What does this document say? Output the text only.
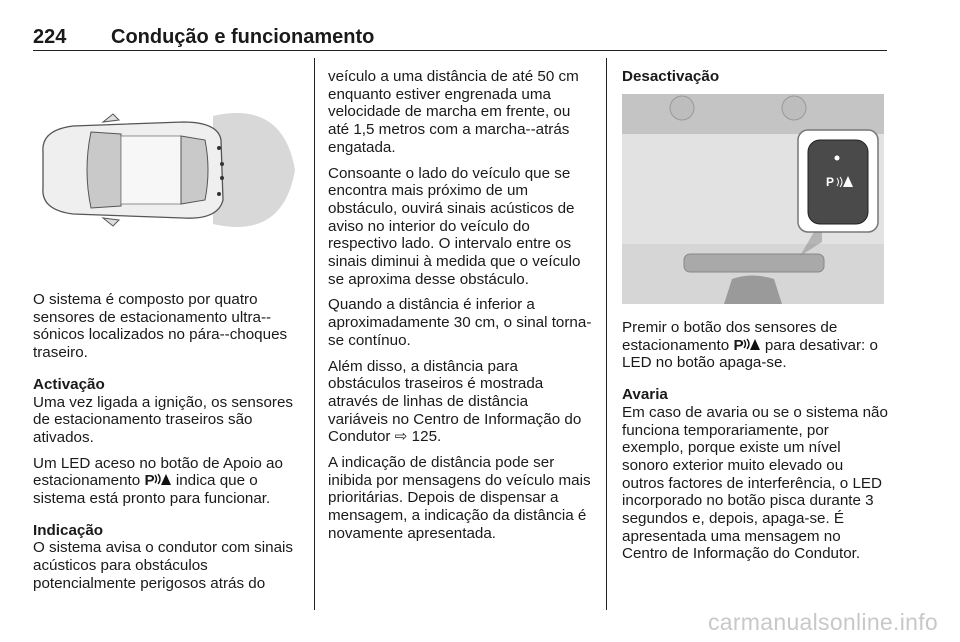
224 Condução e funcionamento

O sistema é composto por quatro sensores de estacionamento ultra--sónicos localizados no pára--choques traseiro.

Activação

Uma vez ligada a ignição, os sensores de estacionamento traseiros são ativados.

Um LED aceso no botão de Apoio ao estacionamento P indica que o sistema está pronto para funcionar.

Indicação

O sistema avisa o condutor com sinais acústicos para obstáculos potencialmente perigosos atrás do

veículo a uma distância de até 50 cm enquanto estiver engrenada uma velocidade de marcha em frente, ou até 1,5 metros com a marcha--atrás engatada.

Consoante o lado do veículo que se encontra mais próximo de um obstáculo, ouvirá sinais acústicos de aviso no interior do veículo do respectivo lado. O intervalo entre os sinais diminui à medida que o veículo se aproxima desse obstáculo.

Quando a distância é inferior a aproximadamente 30 cm, o sinal torna-se contínuo.

Além disso, a distância para obstáculos traseiros é mostrada através de linhas de distância variáveis no Centro de Informação do Condutor ⇨ 125.

A indicação de distância pode ser inibida por mensagens do veículo mais prioritárias. Depois de dispensar a mensagem, a indicação da distância é novamente apresentada.

Desactivação
P

Premir o botão dos sensores de estacionamento P para desativar: o LED no botão apaga-se.

Avaria

Em caso de avaria ou se o sistema não funciona temporariamente, por exemplo, porque existe um nível sonoro exterior muito elevado ou outros factores de interferência, o LED incorporado no botão pisca durante 3 segundos e, depois, apaga-se. É apresentada uma mensagem no Centro de Informação do Condutor.

carmanualsonline.info
